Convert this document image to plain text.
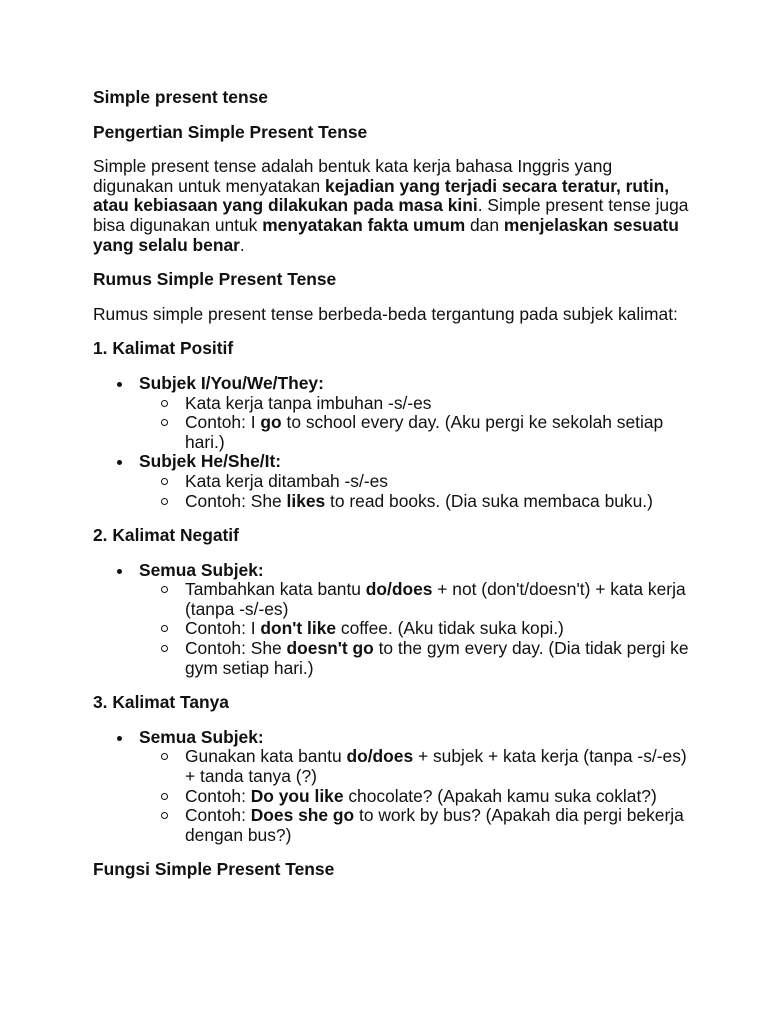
Simple present tense
Pengertian Simple Present Tense

Simple present tense adalah bentuk kata kerja bahasa Inggris yang digunakan untuk menyatakan kejadian yang terjadi secara teratur, rutin, atau kebiasaan yang dilakukan pada masa kini. Simple present tense juga bisa digunakan untuk menyatakan fakta umum dan menjelaskan sesuatu yang selalu benar.

Rumus Simple Present Tense

Rumus simple present tense berbeda-beda tergantung pada subjek kalimat:

1. Kalimat Positif
Subjek I/You/We/They:
Kata kerja tanpa imbuhan -s/-es
Contoh: I go to school every day. (Aku pergi ke sekolah setiap hari.)
Subjek He/She/It:
Kata kerja ditambah -s/-es
Contoh: She likes to read books. (Dia suka membaca buku.)
2. Kalimat Negatif
Semua Subjek:
Tambahkan kata bantu do/does + not (don't/doesn't) + kata kerja (tanpa -s/-es)
Contoh: I don't like coffee. (Aku tidak suka kopi.)
Contoh: She doesn't go to the gym every day. (Dia tidak pergi ke gym setiap hari.)
3. Kalimat Tanya
Semua Subjek:
Gunakan kata bantu do/does + subjek + kata kerja (tanpa -s/-es) + tanda tanya (?)
Contoh: Do you like chocolate? (Apakah kamu suka coklat?)
Contoh: Does she go to work by bus? (Apakah dia pergi bekerja dengan bus?)
Fungsi Simple Present Tense
